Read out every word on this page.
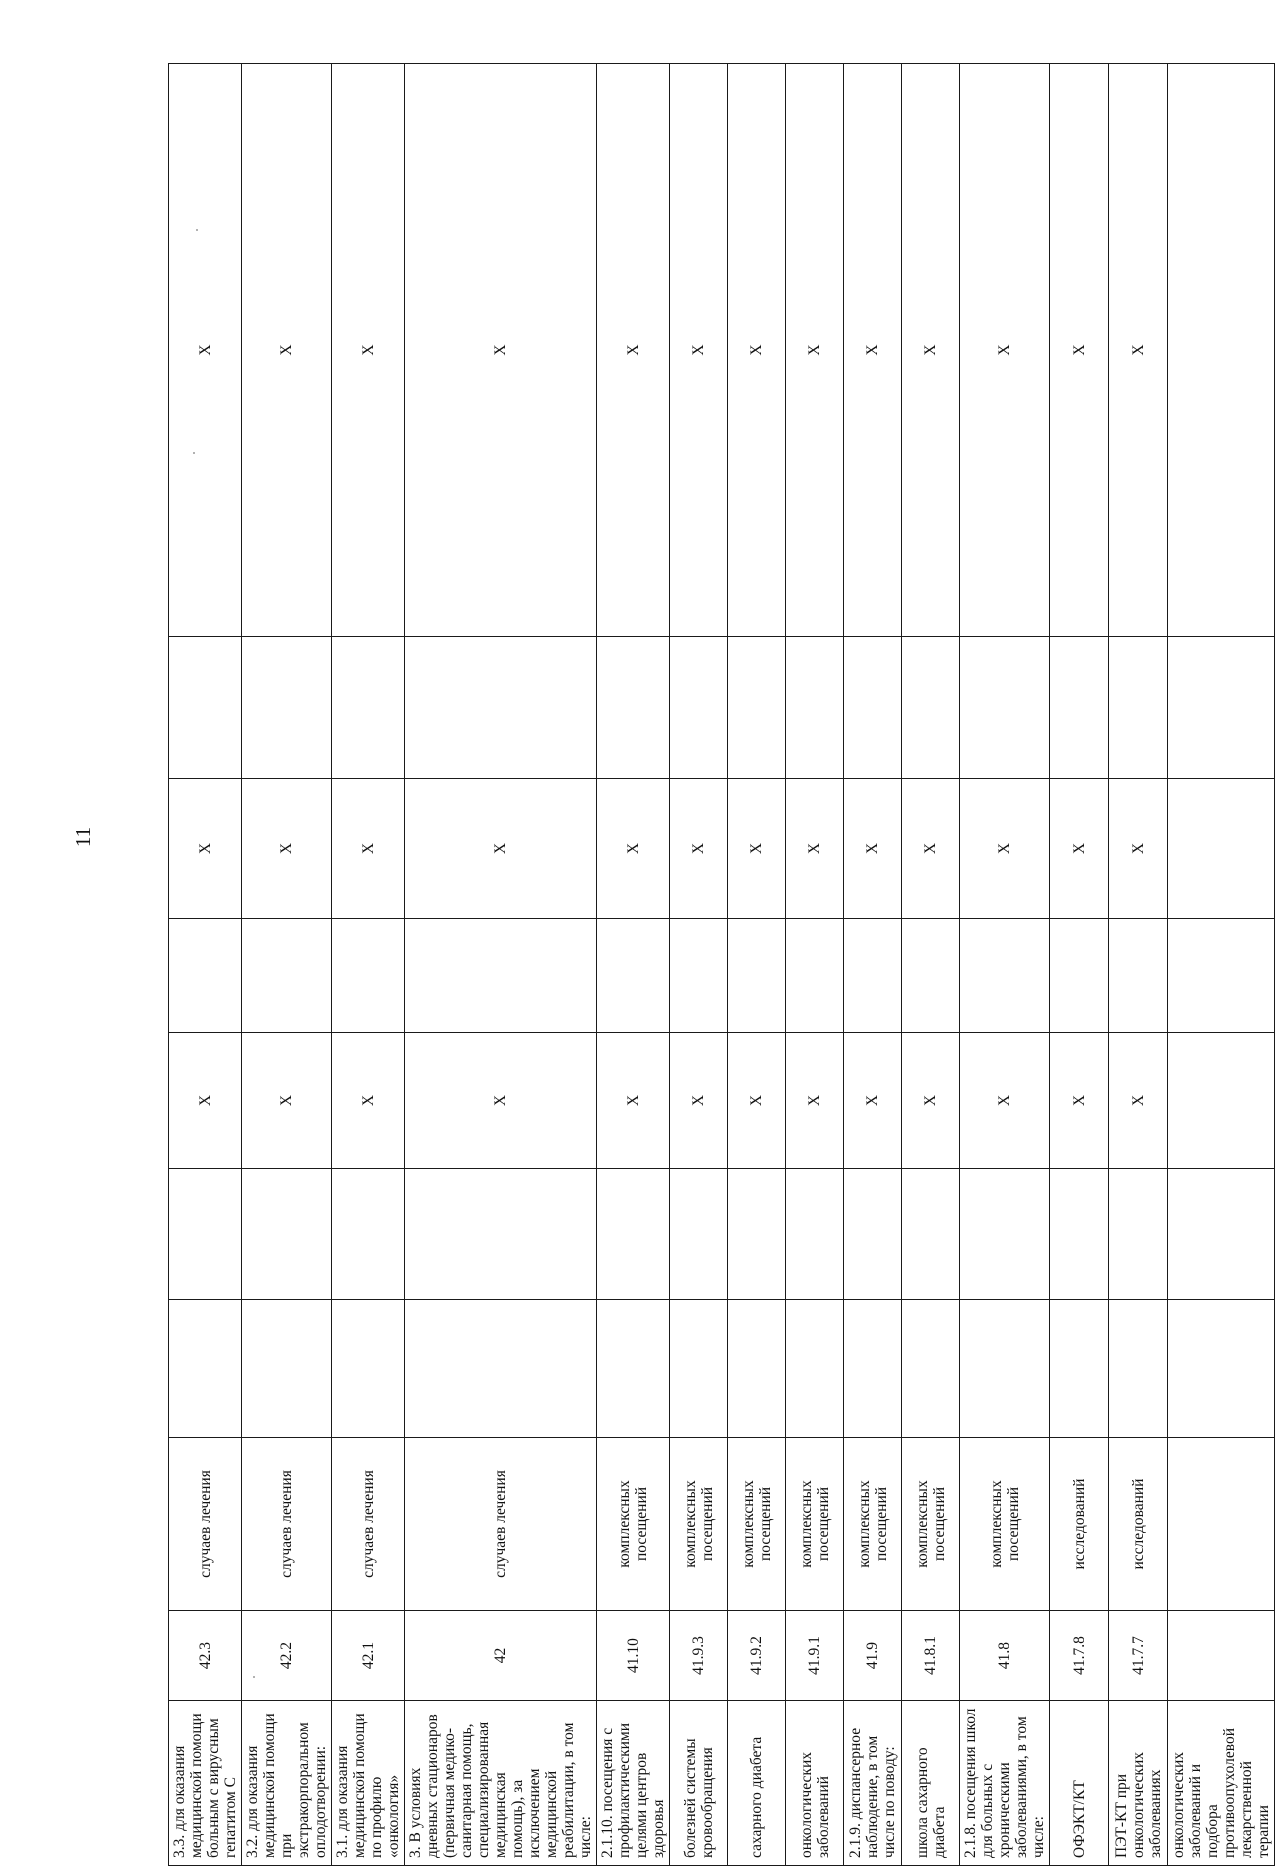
11
3.3. для оказания медицинской помощи больным с вирусным гепатитом С	42.3	случаев лечения			X		X		X
3.2. для оказания медицинской помощи при экстракорпоральном оплодотворении:	42.2	случаев лечения			X		X		X
3.1. для оказания медицинской помощи по профилю «онкология»	42.1	случаев лечения			X		X		X
3. В условиях дневных стационаров (первичная медико-санитарная помощь, специализированная медицинская помощь), за исключением медицинской реабилитации, в том числе:	42	случаев лечения			X		X		X
2.1.10. посещения с профилактическими целями центров здоровья	41.10	комплексных посещений			X		X		X
болезней системы кровообращения	41.9.3	комплексных посещений			X		X		X
сахарного диабета	41.9.2	комплексных посещений			X		X		X
онкологических заболеваний	41.9.1	комплексных посещений			X		X		X
2.1.9. диспансерное наблюдение, в том числе по поводу:	41.9	комплексных посещений			X		X		X
школа сахарного диабета	41.8.1	комплексных посещений			X		X		X
2.1.8. посещения школ для больных с хроническими заболеваниями, в том числе:	41.8	комплексных посещений			X		X		X
ОФЭКТ/КТ	41.7.8	исследований			X		X		X
ПЭТ-КТ при онкологических заболеваниях	41.7.7	исследований			X		X		X
онкологических заболеваний и подбора противоопухолевой лекарственной терапии									
